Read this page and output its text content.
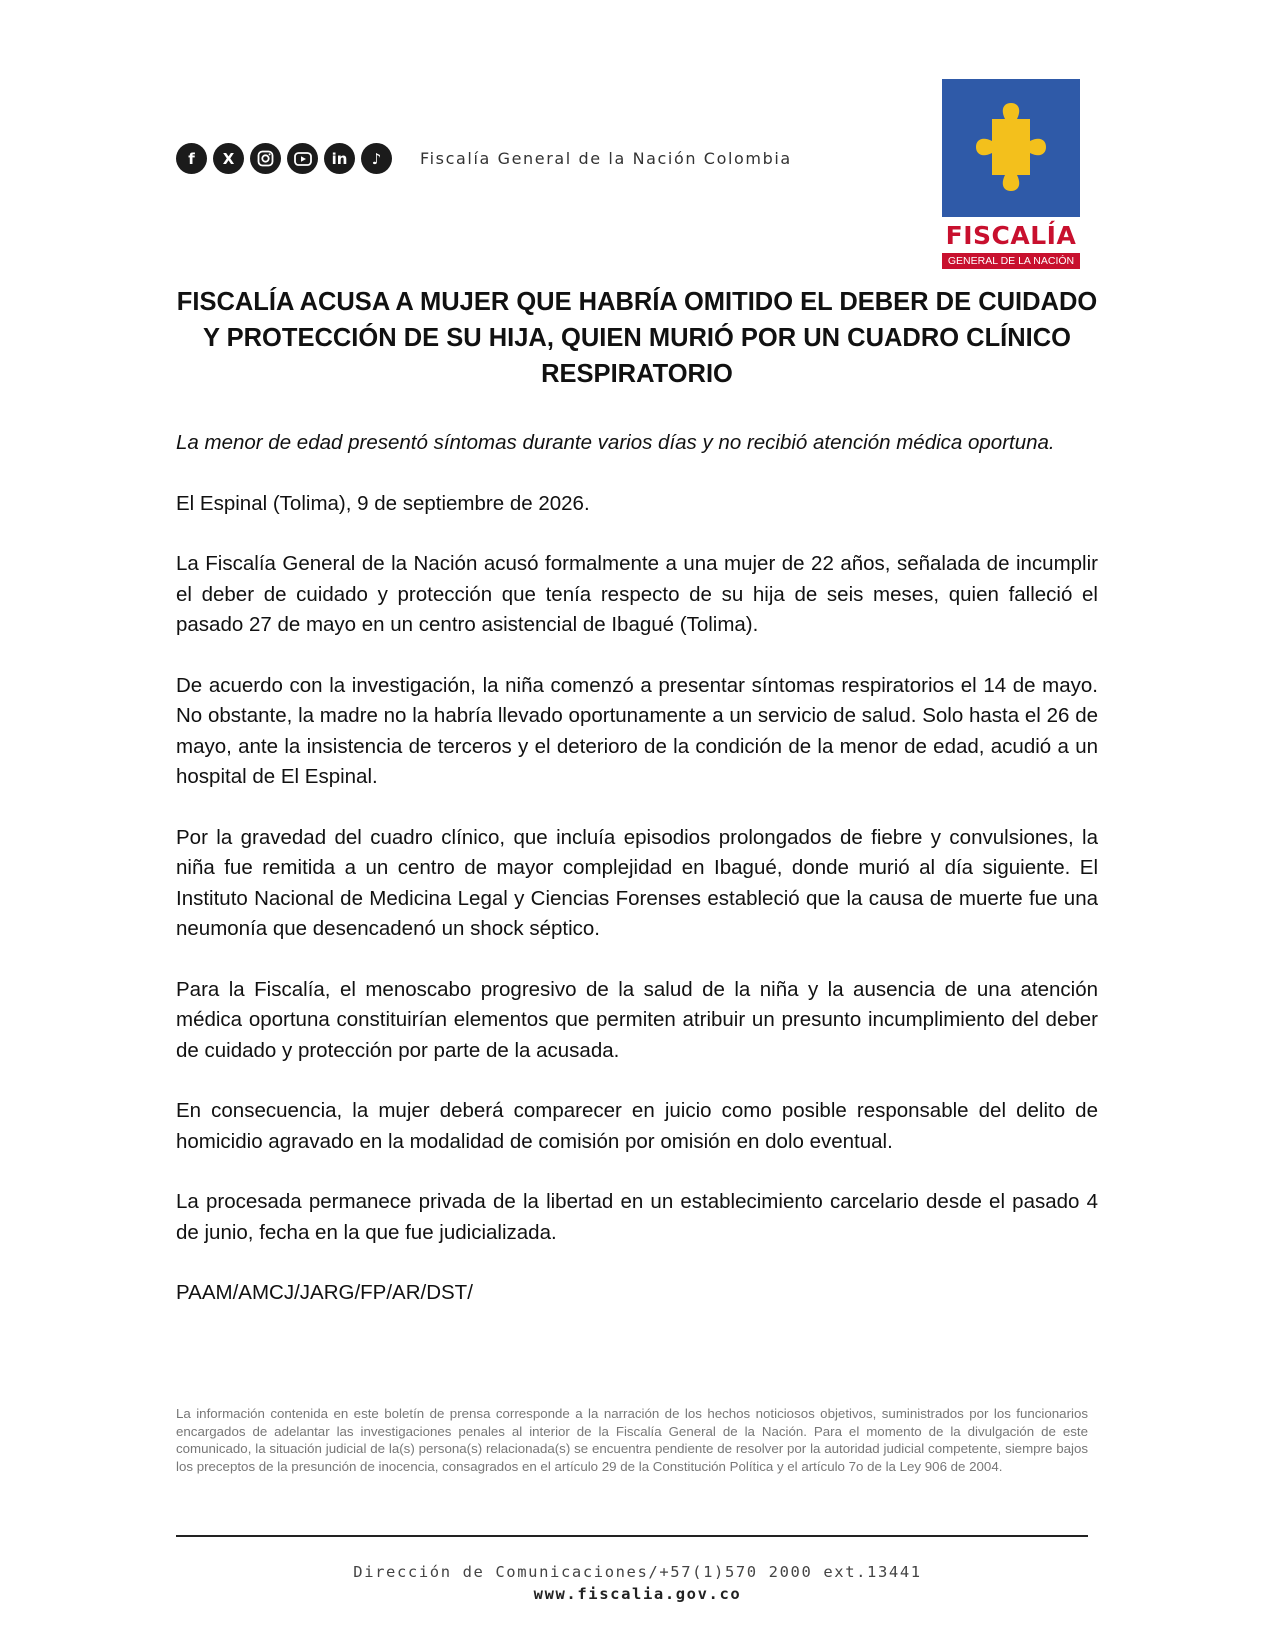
f	X	in	♪	Fiscalía General de la Nación Colombia
FISCALÍA
GENERAL DE LA NACIÓN
FISCALÍA ACUSA A MUJER QUE HABRÍA OMITIDO EL DEBER DE CUIDADO Y PROTECCIÓN DE SU HIJA, QUIEN MURIÓ POR UN CUADRO CLÍNICO RESPIRATORIO

La menor de edad presentó síntomas durante varios días y no recibió atención médica oportuna.

El Espinal (Tolima), 9 de septiembre de 2026.

La Fiscalía General de la Nación acusó formalmente a una mujer de 22 años, señalada de incumplir el deber de cuidado y protección que tenía respecto de su hija de seis meses, quien falleció el pasado 27 de mayo en un centro asistencial de Ibagué (Tolima).

De acuerdo con la investigación, la niña comenzó a presentar síntomas respiratorios el 14 de mayo. No obstante, la madre no la habría llevado oportunamente a un servicio de salud. Solo hasta el 26 de mayo, ante la insistencia de terceros y el deterioro de la condición de la menor de edad, acudió a un hospital de El Espinal.

Por la gravedad del cuadro clínico, que incluía episodios prolongados de fiebre y convulsiones, la niña fue remitida a un centro de mayor complejidad en Ibagué, donde murió al día siguiente. El Instituto Nacional de Medicina Legal y Ciencias Forenses estableció que la causa de muerte fue una neumonía que desencadenó un shock séptico.

Para la Fiscalía, el menoscabo progresivo de la salud de la niña y la ausencia de una atención médica oportuna constituirían elementos que permiten atribuir un presunto incumplimiento del deber de cuidado y protección por parte de la acusada.

En consecuencia, la mujer deberá comparecer en juicio como posible responsable del delito de homicidio agravado en la modalidad de comisión por omisión en dolo eventual.

La procesada permanece privada de la libertad en un establecimiento carcelario desde el pasado 4 de junio, fecha en la que fue judicializada.

PAAM/AMCJ/JARG/FP/AR/DST/

La información contenida en este boletín de prensa corresponde a la narración de los hechos noticiosos objetivos, suministrados por los funcionarios encargados de adelantar las investigaciones penales al interior de la Fiscalía General de la Nación. Para el momento de la divulgación de este comunicado, la situación judicial de la(s) persona(s) relacionada(s) se encuentra pendiente de resolver por la autoridad judicial competente, siempre bajos los preceptos de la presunción de inocencia, consagrados en el artículo 29 de la Constitución Política y el artículo 7o de la Ley 906 de 2004.
Dirección de Comunicaciones/+57(1)570 2000 ext.13441
www.fiscalia.gov.co
